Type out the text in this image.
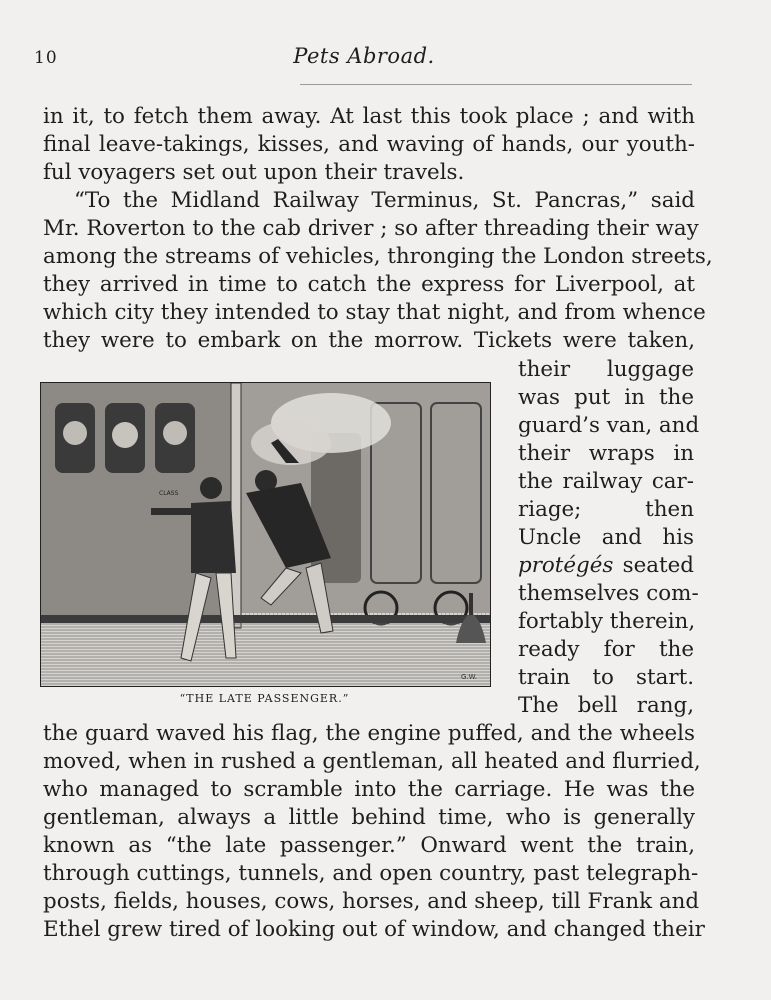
10	Pets Abroad.
in it, to fetch them away. At last this took place ; and with
final leave-takings, kisses, and waving of hands, our youth-
ful voyagers set out upon their travels.
“To the Midland Railway Terminus, St. Pancras,” said
Mr. Roverton to the cab driver ; so after threading their way
among the streams of vehicles, thronging the London streets,
they arrived in time to catch the express for Liverpool, at
which city they intended to stay that night, and from whence
they were to embark on the morrow. Tickets were taken,
CLASS
G.W.
“THE LATE PASSENGER.”
their luggage
was put in the
guard’s van, and
their wraps in
the railway car-
riage; then
Uncle and his
protégés seated
themselves com-
fortably therein,
ready for the
train to start.
The bell rang,
the guard waved his flag, the engine puffed, and the wheels
moved, when in rushed a gentleman, all heated and flurried,
who managed to scramble into the carriage. He was the
gentleman, always a little behind time, who is generally
known as “the late passenger.” Onward went the train,
through cuttings, tunnels, and open country, past telegraph-
posts, fields, houses, cows, horses, and sheep, till Frank and
Ethel grew tired of looking out of window, and changed their
